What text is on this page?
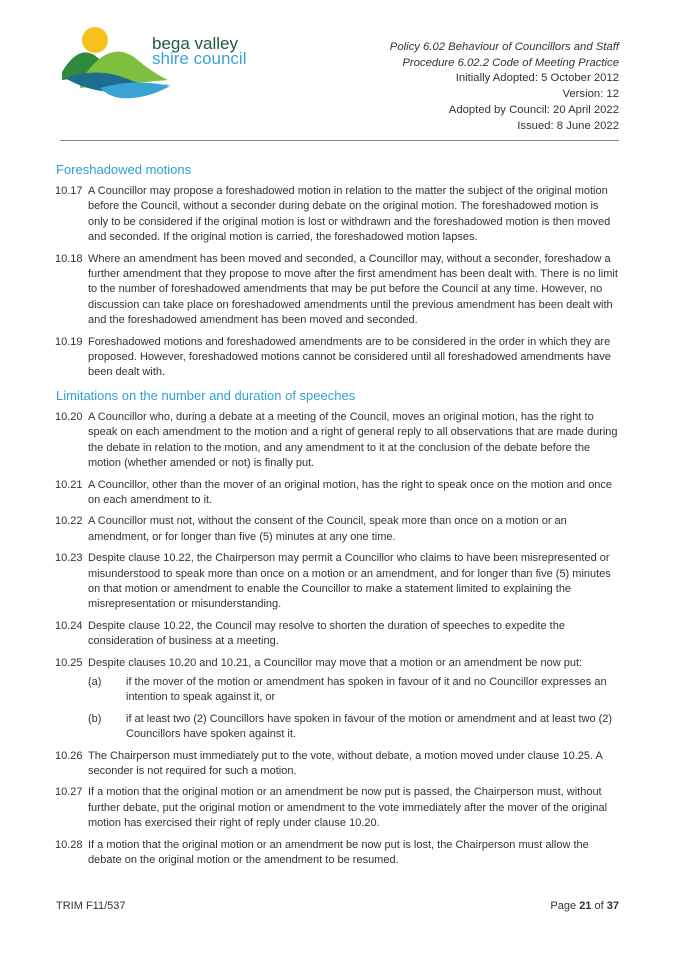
bega valley
shire council
Policy 6.02 Behaviour of Councillors and Staff
Procedure 6.02.2 Code of Meeting Practice
Initially Adopted: 5 October 2012
Version: 12
Adopted by Council: 20 April 2022
Issued: 8 June 2022
Foreshadowed motions
10.17 A Councillor may propose a foreshadowed motion in relation to the matter the subject of the original motion before the Council, without a seconder during debate on the original motion. The foreshadowed motion is only to be considered if the original motion is lost or withdrawn and the foreshadowed motion is then moved and seconded. If the original motion is carried, the foreshadowed motion lapses.
10.18 Where an amendment has been moved and seconded, a Councillor may, without a seconder, foreshadow a further amendment that they propose to move after the first amendment has been dealt with. There is no limit to the number of foreshadowed amendments that may be put before the Council at any time. However, no discussion can take place on foreshadowed amendments until the previous amendment has been dealt with and the foreshadowed amendment has been moved and seconded.
10.19 Foreshadowed motions and foreshadowed amendments are to be considered in the order in which they are proposed. However, foreshadowed motions cannot be considered until all foreshadowed amendments have been dealt with.
Limitations on the number and duration of speeches
10.20 A Councillor who, during a debate at a meeting of the Council, moves an original motion, has the right to speak on each amendment to the motion and a right of general reply to all observations that are made during the debate in relation to the motion, and any amendment to it at the conclusion of the debate before the motion (whether amended or not) is finally put.
10.21 A Councillor, other than the mover of an original motion, has the right to speak once on the motion and once on each amendment to it.
10.22 A Councillor must not, without the consent of the Council, speak more than once on a motion or an amendment, or for longer than five (5) minutes at any one time.
10.23 Despite clause 10.22, the Chairperson may permit a Councillor who claims to have been misrepresented or misunderstood to speak more than once on a motion or an amendment, and for longer than five (5) minutes on that motion or amendment to enable the Councillor to make a statement limited to explaining the misrepresentation or misunderstanding.
10.24 Despite clause 10.22, the Council may resolve to shorten the duration of speeches to expedite the consideration of business at a meeting.
10.25 Despite clauses 10.20 and 10.21, a Councillor may move that a motion or an amendment be now put:
(a)	if the mover of the motion or amendment has spoken in favour of it and no Councillor expresses an intention to speak against it, or
(b)	if at least two (2) Councillors have spoken in favour of the motion or amendment and at least two (2) Councillors have spoken against it.
10.26 The Chairperson must immediately put to the vote, without debate, a motion moved under clause 10.25. A seconder is not required for such a motion.
10.27 If a motion that the original motion or an amendment be now put is passed, the Chairperson must, without further debate, put the original motion or amendment to the vote immediately after the mover of the original motion has exercised their right of reply under clause 10.20.
10.28 If a motion that the original motion or an amendment be now put is lost, the Chairperson must allow the debate on the original motion or the amendment to be resumed.
TRIM F11/537	Page 21 of 37
